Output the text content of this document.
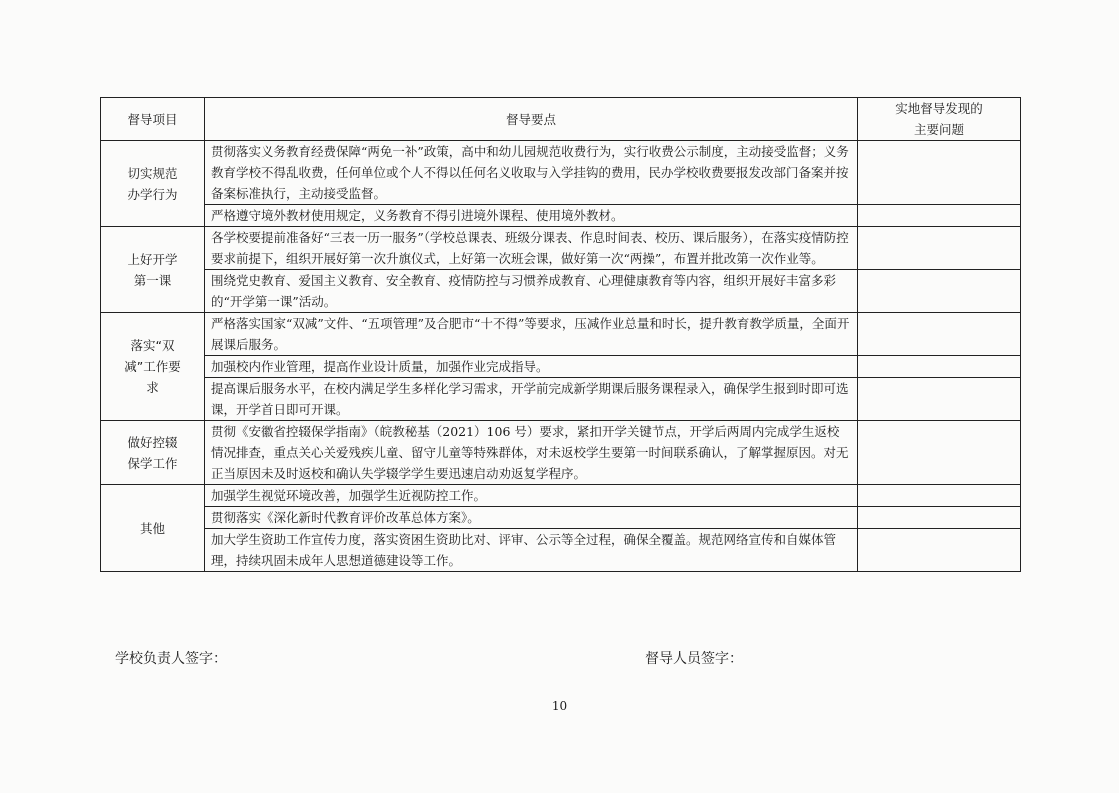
督导项目	督导要点	实地督导发现的
主要问题
切实规范
办学行为	贯彻落实义务教育经费保障“两免一补”政策，高中和幼儿园规范收费行为，实行收费公示制度，主动接受监督；义务教育学校不得乱收费，任何单位或个人不得以任何名义收取与入学挂钩的费用，民办学校收费要报发改部门备案并按备案标准执行，主动接受监督。	
	严格遵守境外教材使用规定，义务教育不得引进境外课程、使用境外教材。	
上好开学
第一课	各学校要提前准备好“三表一历一服务”（学校总课表、班级分课表、作息时间表、校历、课后服务），在落实疫情防控要求前提下，组织开展好第一次升旗仪式，上好第一次班会课，做好第一次“两操”，布置并批改第一次作业等。	
	围绕党史教育、爱国主义教育、安全教育、疫情防控与习惯养成教育、心理健康教育等内容，组织开展好丰富多彩的“开学第一课”活动。	
落实“双
减”工作要
求	严格落实国家“双减”文件、“五项管理”及合肥市“十不得”等要求，压减作业总量和时长，提升教育教学质量，全面开展课后服务。	
	加强校内作业管理，提高作业设计质量，加强作业完成指导。	
	提高课后服务水平，在校内满足学生多样化学习需求，开学前完成新学期课后服务课程录入，确保学生报到时即可选课，开学首日即可开课。	
做好控辍
保学工作	贯彻《安徽省控辍保学指南》（皖教秘基（2021）106 号）要求，紧扣开学关键节点，开学后两周内完成学生返校情况排查，重点关心关爱残疾儿童、留守儿童等特殊群体，对未返校学生要第一时间联系确认，了解掌握原因。对无正当原因未及时返校和确认失学辍学学生要迅速启动劝返复学程序。	
其他	加强学生视觉环境改善，加强学生近视防控工作。	
	贯彻落实《深化新时代教育评价改革总体方案》。	
	加大学生资助工作宣传力度，落实资困生资助比对、评审、公示等全过程，确保全覆盖。规范网络宣传和自媒体管理，持续巩固未成年人思想道德建设等工作。	
学校负责人签字：	督导人员签字：
10
